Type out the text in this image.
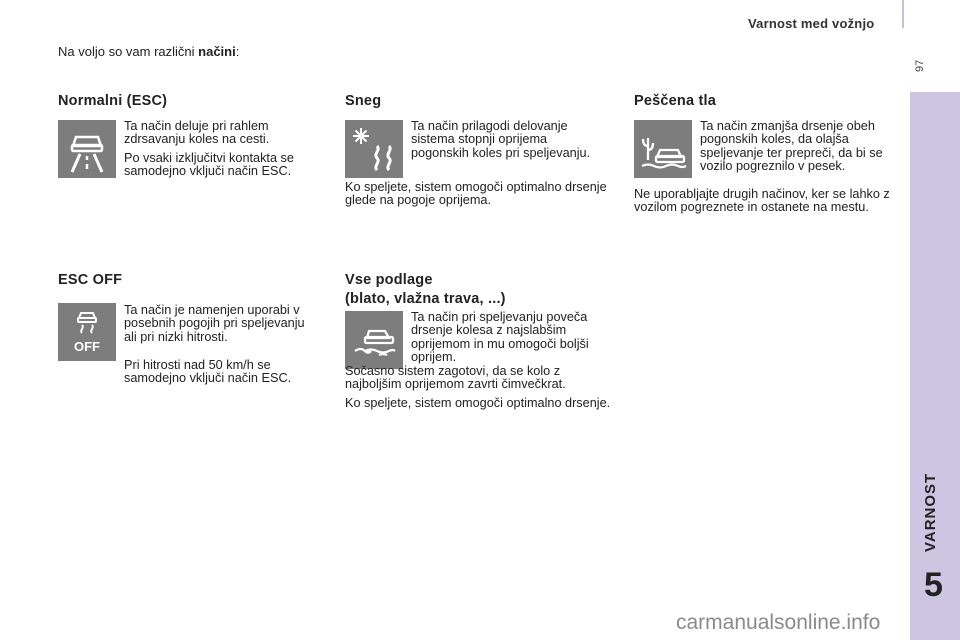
Varnost med vožnjo
97
VARNOST
5
Na voljo so vam različni načini:
Normalni (ESC)

Ta način deluje pri rahlem zdrsavanju koles na cesti.

Po vsaki izključitvi kontakta se samodejno vključi način ESC.

Sneg

Ta način prilagodi delovanje sistema stopnji oprijema pogonskih koles pri speljevanju.

Ko speljete, sistem omogoči optimalno drsenje glede na pogoje oprijema.

Peščena tla

Ta način zmanjša drsenje obeh pogonskih koles, da olajša speljevanje ter prepreči, da bi se vozilo pogreznilo v pesek.

Ne uporabljajte drugih načinov, ker se lahko z vozilom pogreznete in ostanete na mestu.

ESC OFF
OFF

Ta način je namenjen uporabi v posebnih pogojih pri speljevanju ali pri nizki hitrosti.

Pri hitrosti nad 50 km/h se samodejno vključi način ESC.

Vse podlage
(blato, vlažna trava, ...)

Ta način pri speljevanju poveča drsenje kolesa z najslabšim oprijemom in mu omogoči boljši oprijem.

Sočasno sistem zagotovi, da se kolo z najboljšim oprijemom zavrti čimvečkrat.

Ko speljete, sistem omogoči optimalno drsenje.

carmanualsonline.info
